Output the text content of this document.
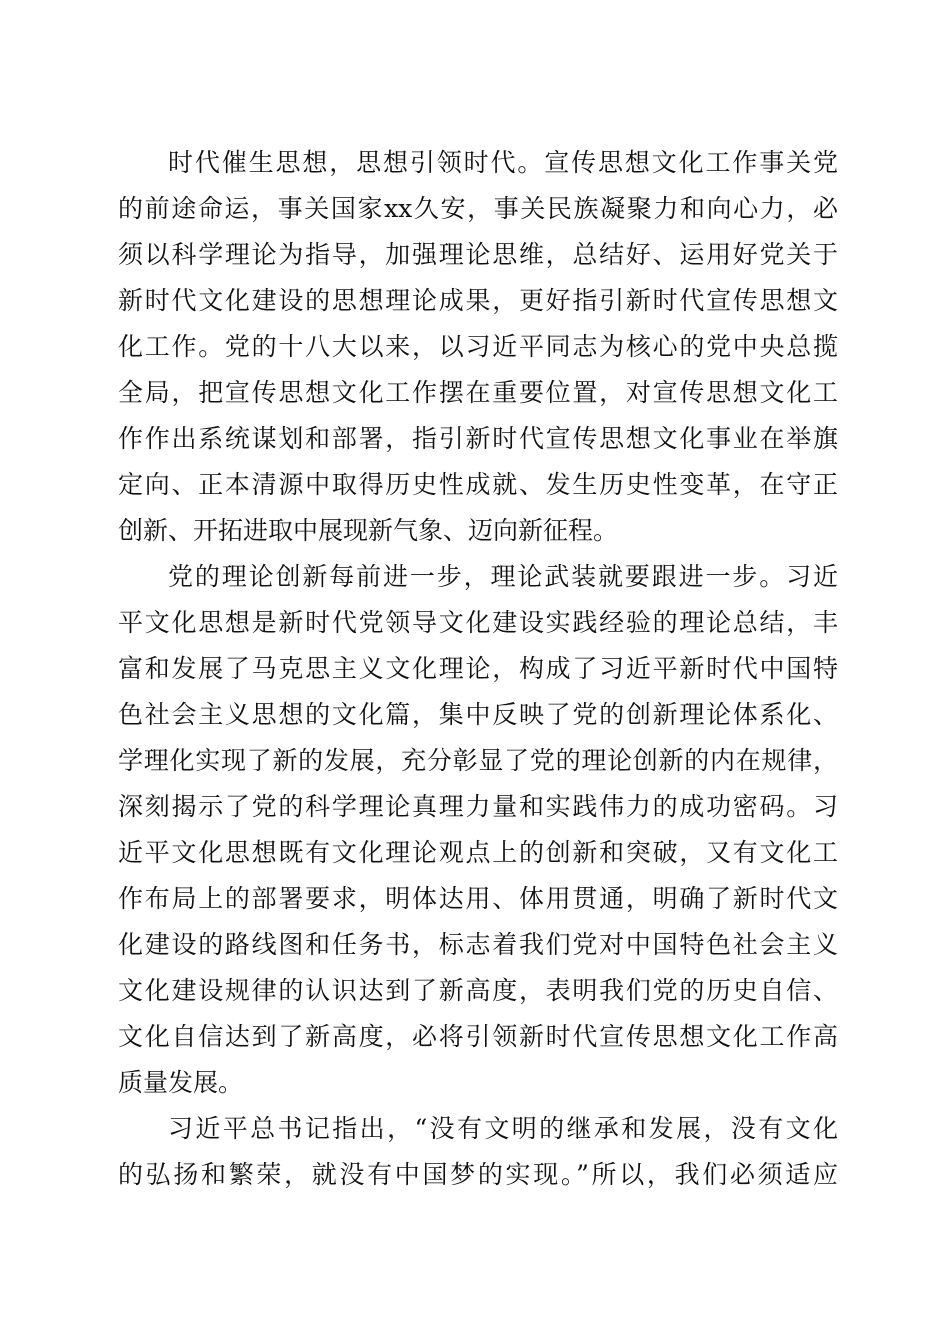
时代催生思想，思想引领时代。宣传思想文化工作事关党
的前途命运，事关国家xx久安，事关民族凝聚力和向心力，必
须以科学理论为指导，加强理论思维，总结好、运用好党关于
新时代文化建设的思想理论成果，更好指引新时代宣传思想文
化工作。党的十八大以来，以习近平同志为核心的党中央总揽
全局，把宣传思想文化工作摆在重要位置，对宣传思想文化工
作作出系统谋划和部署，指引新时代宣传思想文化事业在举旗
定向、正本清源中取得历史性成就、发生历史性变革，在守正
创新、开拓进取中展现新气象、迈向新征程。
党的理论创新每前进一步，理论武装就要跟进一步。习近
平文化思想是新时代党领导文化建设实践经验的理论总结，丰
富和发展了马克思主义文化理论，构成了习近平新时代中国特
色社会主义思想的文化篇，集中反映了党的创新理论体系化、
学理化实现了新的发展，充分彰显了党的理论创新的内在规律，
深刻揭示了党的科学理论真理力量和实践伟力的成功密码。习
近平文化思想既有文化理论观点上的创新和突破，又有文化工
作布局上的部署要求，明体达用、体用贯通，明确了新时代文
化建设的路线图和任务书，标志着我们党对中国特色社会主义
文化建设规律的认识达到了新高度，表明我们党的历史自信、
文化自信达到了新高度，必将引领新时代宣传思想文化工作高
质量发展。
习近平总书记指出，“没有文明的继承和发展，没有文化
的弘扬和繁荣，就没有中国梦的实现。”所以，我们必须适应
